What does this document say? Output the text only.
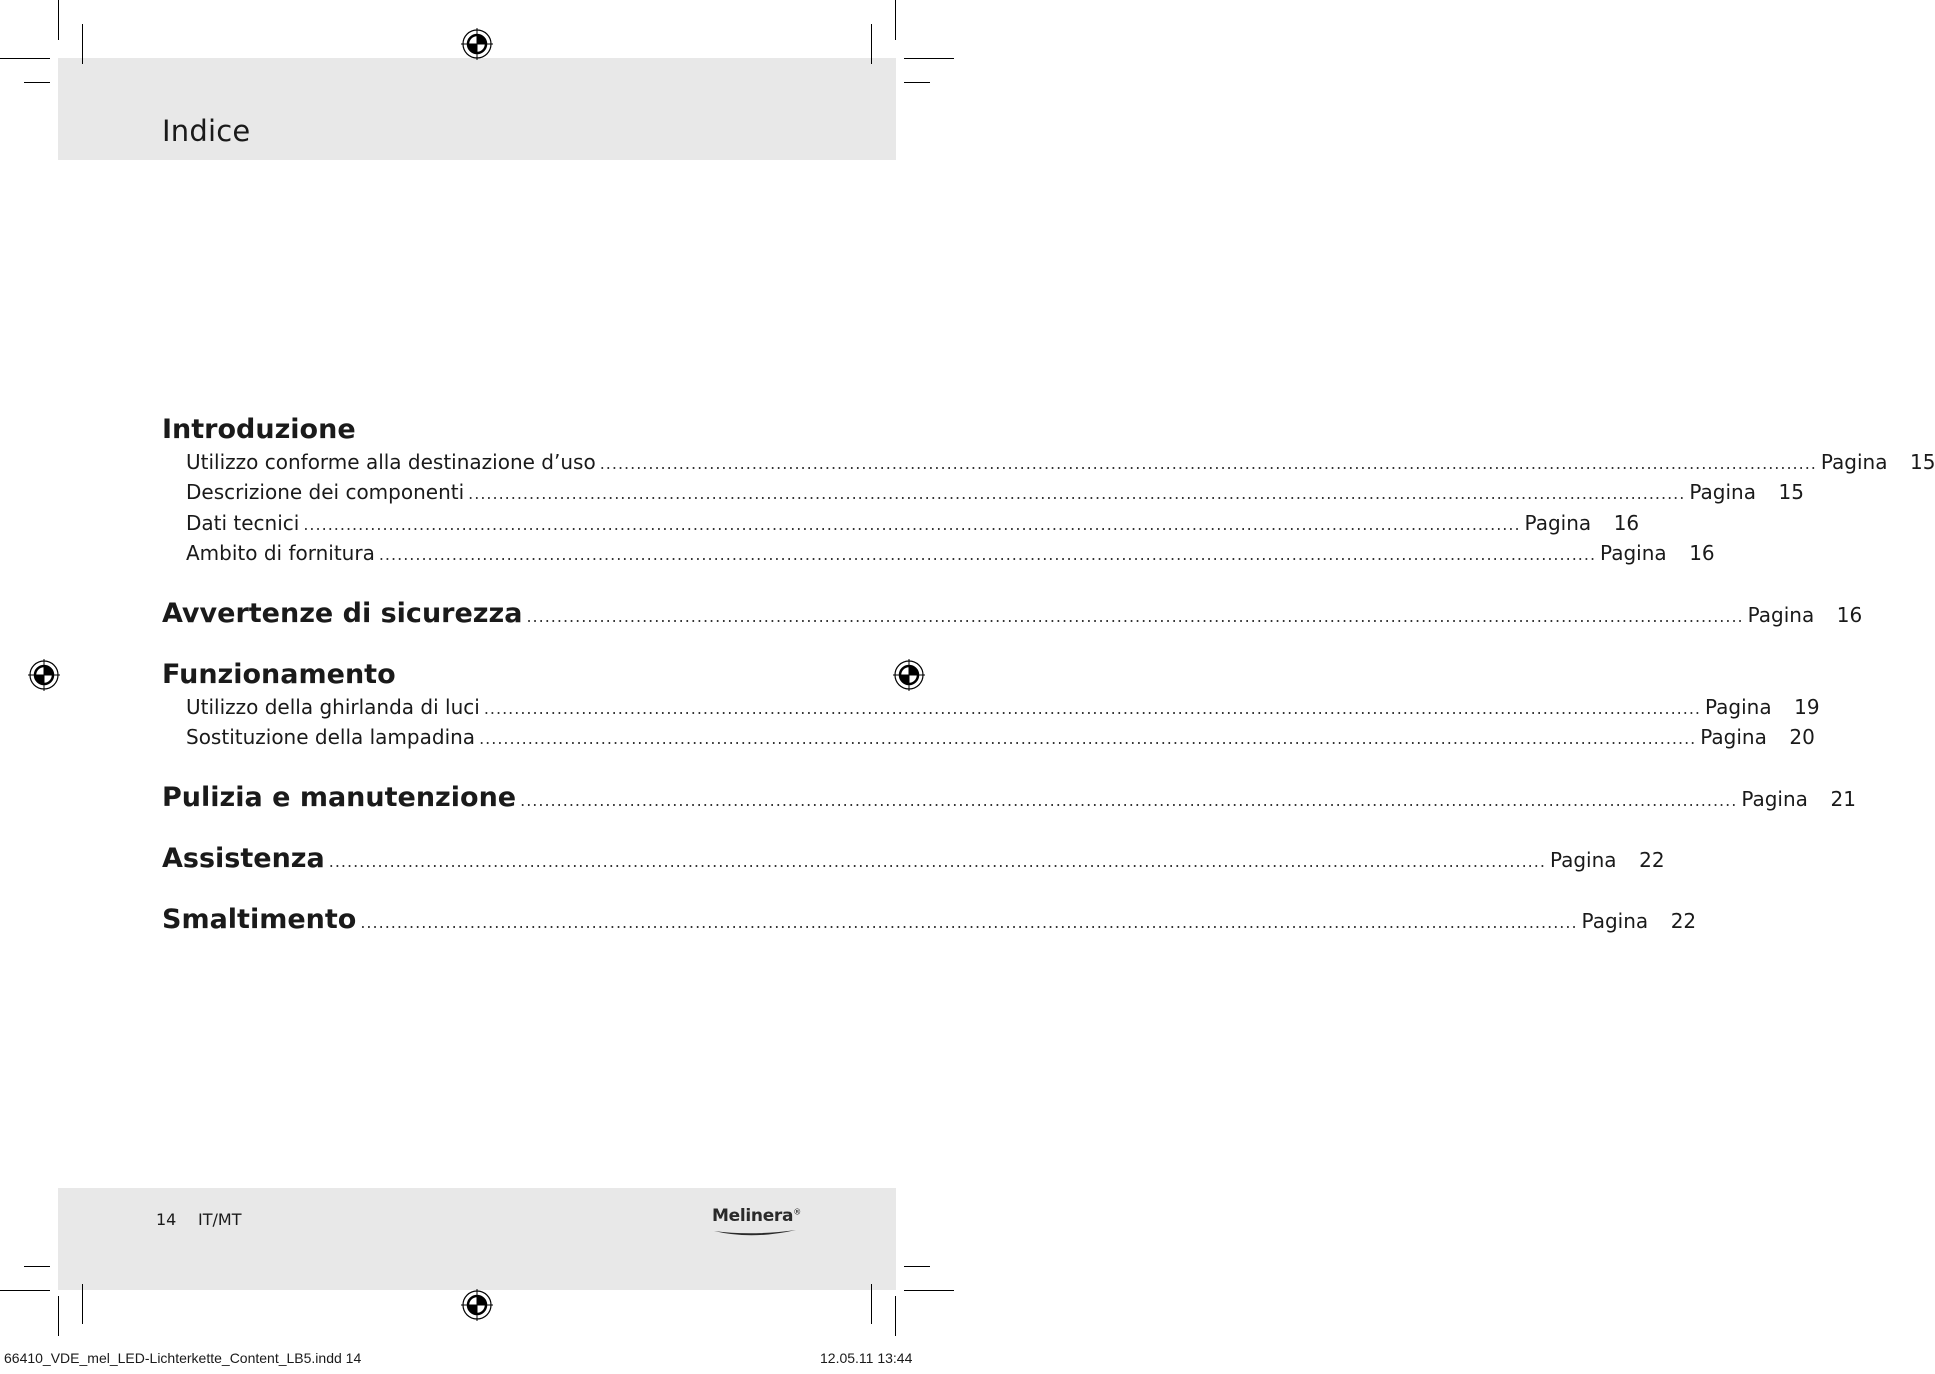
Indice
Introduzione
Utilizzo conforme alla destinazione d’uso ........................................................................................................................................................................................................ Pagina	15
Descrizione dei componenti ........................................................................................................................................................................................................ Pagina	15
Dati tecnici ........................................................................................................................................................................................................ Pagina	16
Ambito di fornitura ........................................................................................................................................................................................................ Pagina	16
Avvertenze di sicurezza ........................................................................................................................................................................................................ Pagina	16
Funzionamento
Utilizzo della ghirlanda di luci ........................................................................................................................................................................................................ Pagina	19
Sostituzione della lampadina ........................................................................................................................................................................................................ Pagina	20
Pulizia e manutenzione ........................................................................................................................................................................................................ Pagina	21
Assistenza ........................................................................................................................................................................................................ Pagina	22
Smaltimento ........................................................................................................................................................................................................ Pagina	22
14 IT/MT	Melinera®
66410_VDE_mel_LED-Lichterkette_Content_LB5.indd 14	12.05.11 13:44
